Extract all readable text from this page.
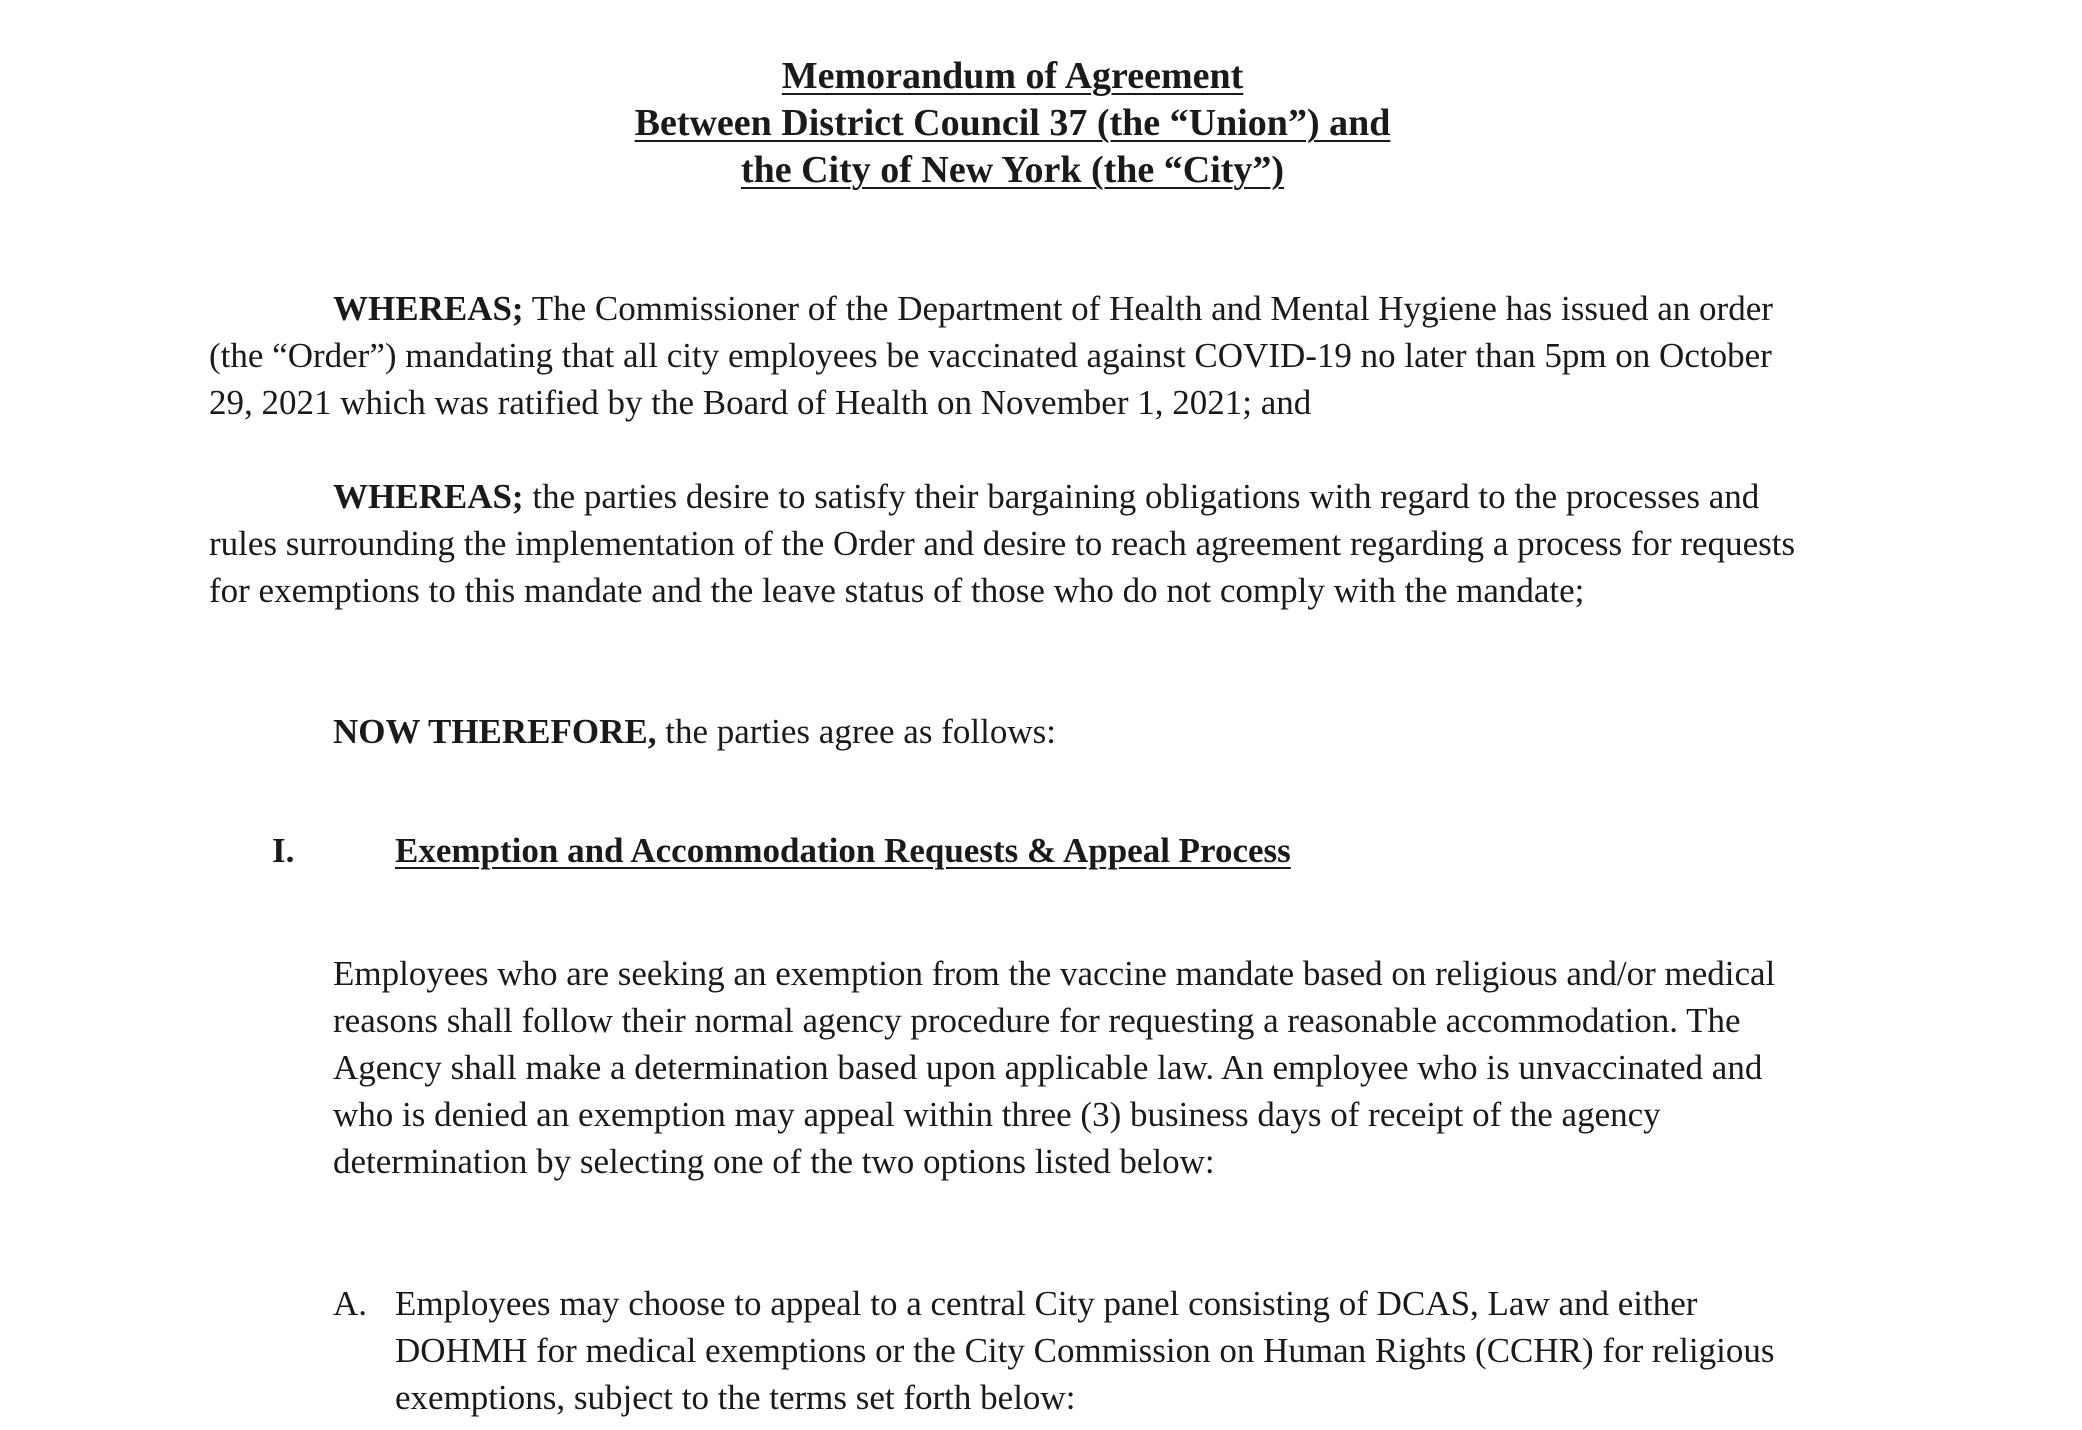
Memorandum of Agreement
Between District Council 37 (the “Union”) and
the City of New York (the “City”)

WHEREAS; The Commissioner of the Department of Health and Mental Hygiene has issued an order (the “Order”) mandating that all city employees be vaccinated against COVID-19 no later than 5pm on October 29, 2021 which was ratified by the Board of Health on November 1, 2021; and

WHEREAS; the parties desire to satisfy their bargaining obligations with regard to the processes and rules surrounding the implementation of the Order and desire to reach agreement regarding a process for requests for exemptions to this mandate and the leave status of those who do not comply with the mandate;

NOW THEREFORE, the parties agree as follows:

I.	Exemption and Accommodation Requests & Appeal Process

Employees who are seeking an exemption from the vaccine mandate based on religious and/or medical reasons shall follow their normal agency procedure for requesting a reasonable accommodation. The Agency shall make a determination based upon applicable law. An employee who is unvaccinated and who is denied an exemption may appeal within three (3) business days of receipt of the agency determination by selecting one of the two options listed below:

A. Employees may choose to appeal to a central City panel consisting of DCAS, Law and either DOHMH for medical exemptions or the City Commission on Human Rights (CCHR) for religious exemptions, subject to the terms set forth below:
